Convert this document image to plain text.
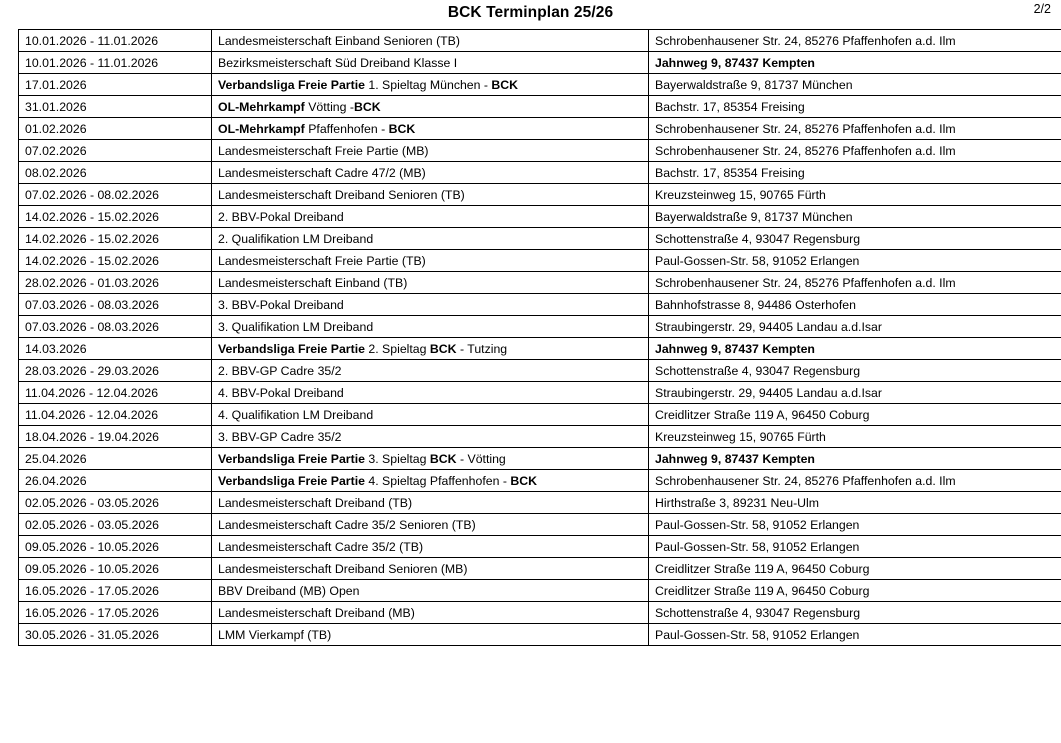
BCK Terminplan 25/26	2/2
10.01.2026 - 11.01.2026	Landesmeisterschaft Einband Senioren (TB)	Schrobenhausener Str. 24, 85276 Pfaffenhofen a.d. Ilm
10.01.2026 - 11.01.2026	Bezirksmeisterschaft Süd Dreiband Klasse I	Jahnweg 9, 87437 Kempten
17.01.2026	Verbandsliga Freie Partie 1. Spieltag München - BCK	Bayerwaldstraße 9, 81737 München
31.01.2026	OL-Mehrkampf Vötting -BCK	Bachstr. 17, 85354 Freising
01.02.2026	OL-Mehrkampf Pfaffenhofen - BCK	Schrobenhausener Str. 24, 85276 Pfaffenhofen a.d. Ilm
07.02.2026	Landesmeisterschaft Freie Partie (MB)	Schrobenhausener Str. 24, 85276 Pfaffenhofen a.d. Ilm
08.02.2026	Landesmeisterschaft Cadre 47/2 (MB)	Bachstr. 17, 85354 Freising
07.02.2026 - 08.02.2026	Landesmeisterschaft Dreiband Senioren (TB)	Kreuzsteinweg 15, 90765 Fürth
14.02.2026 - 15.02.2026	2. BBV-Pokal Dreiband	Bayerwaldstraße 9, 81737 München
14.02.2026 - 15.02.2026	2. Qualifikation LM Dreiband	Schottenstraße 4, 93047 Regensburg
14.02.2026 - 15.02.2026	Landesmeisterschaft Freie Partie (TB)	Paul-Gossen-Str. 58, 91052 Erlangen
28.02.2026 - 01.03.2026	Landesmeisterschaft Einband (TB)	Schrobenhausener Str. 24, 85276 Pfaffenhofen a.d. Ilm
07.03.2026 - 08.03.2026	3. BBV-Pokal Dreiband	Bahnhofstrasse 8, 94486 Osterhofen
07.03.2026 - 08.03.2026	3. Qualifikation LM Dreiband	Straubingerstr. 29, 94405 Landau a.d.Isar
14.03.2026	Verbandsliga Freie Partie 2. Spieltag BCK - Tutzing	Jahnweg 9, 87437 Kempten
28.03.2026 - 29.03.2026	2. BBV-GP Cadre 35/2	Schottenstraße 4, 93047 Regensburg
11.04.2026 - 12.04.2026	4. BBV-Pokal Dreiband	Straubingerstr. 29, 94405 Landau a.d.Isar
11.04.2026 - 12.04.2026	4. Qualifikation LM Dreiband	Creidlitzer Straße 119 A, 96450 Coburg
18.04.2026 - 19.04.2026	3. BBV-GP Cadre 35/2	Kreuzsteinweg 15, 90765 Fürth
25.04.2026	Verbandsliga Freie Partie 3. Spieltag BCK - Vötting	Jahnweg 9, 87437 Kempten
26.04.2026	Verbandsliga Freie Partie 4. Spieltag Pfaffenhofen - BCK	Schrobenhausener Str. 24, 85276 Pfaffenhofen a.d. Ilm
02.05.2026 - 03.05.2026	Landesmeisterschaft Dreiband (TB)	Hirthstraße 3, 89231 Neu-Ulm
02.05.2026 - 03.05.2026	Landesmeisterschaft Cadre 35/2 Senioren (TB)	Paul-Gossen-Str. 58, 91052 Erlangen
09.05.2026 - 10.05.2026	Landesmeisterschaft Cadre 35/2 (TB)	Paul-Gossen-Str. 58, 91052 Erlangen
09.05.2026 - 10.05.2026	Landesmeisterschaft Dreiband Senioren (MB)	Creidlitzer Straße 119 A, 96450 Coburg
16.05.2026 - 17.05.2026	BBV Dreiband (MB) Open	Creidlitzer Straße 119 A, 96450 Coburg
16.05.2026 - 17.05.2026	Landesmeisterschaft Dreiband (MB)	Schottenstraße 4, 93047 Regensburg
30.05.2026 - 31.05.2026	LMM Vierkampf (TB)	Paul-Gossen-Str. 58, 91052 Erlangen
